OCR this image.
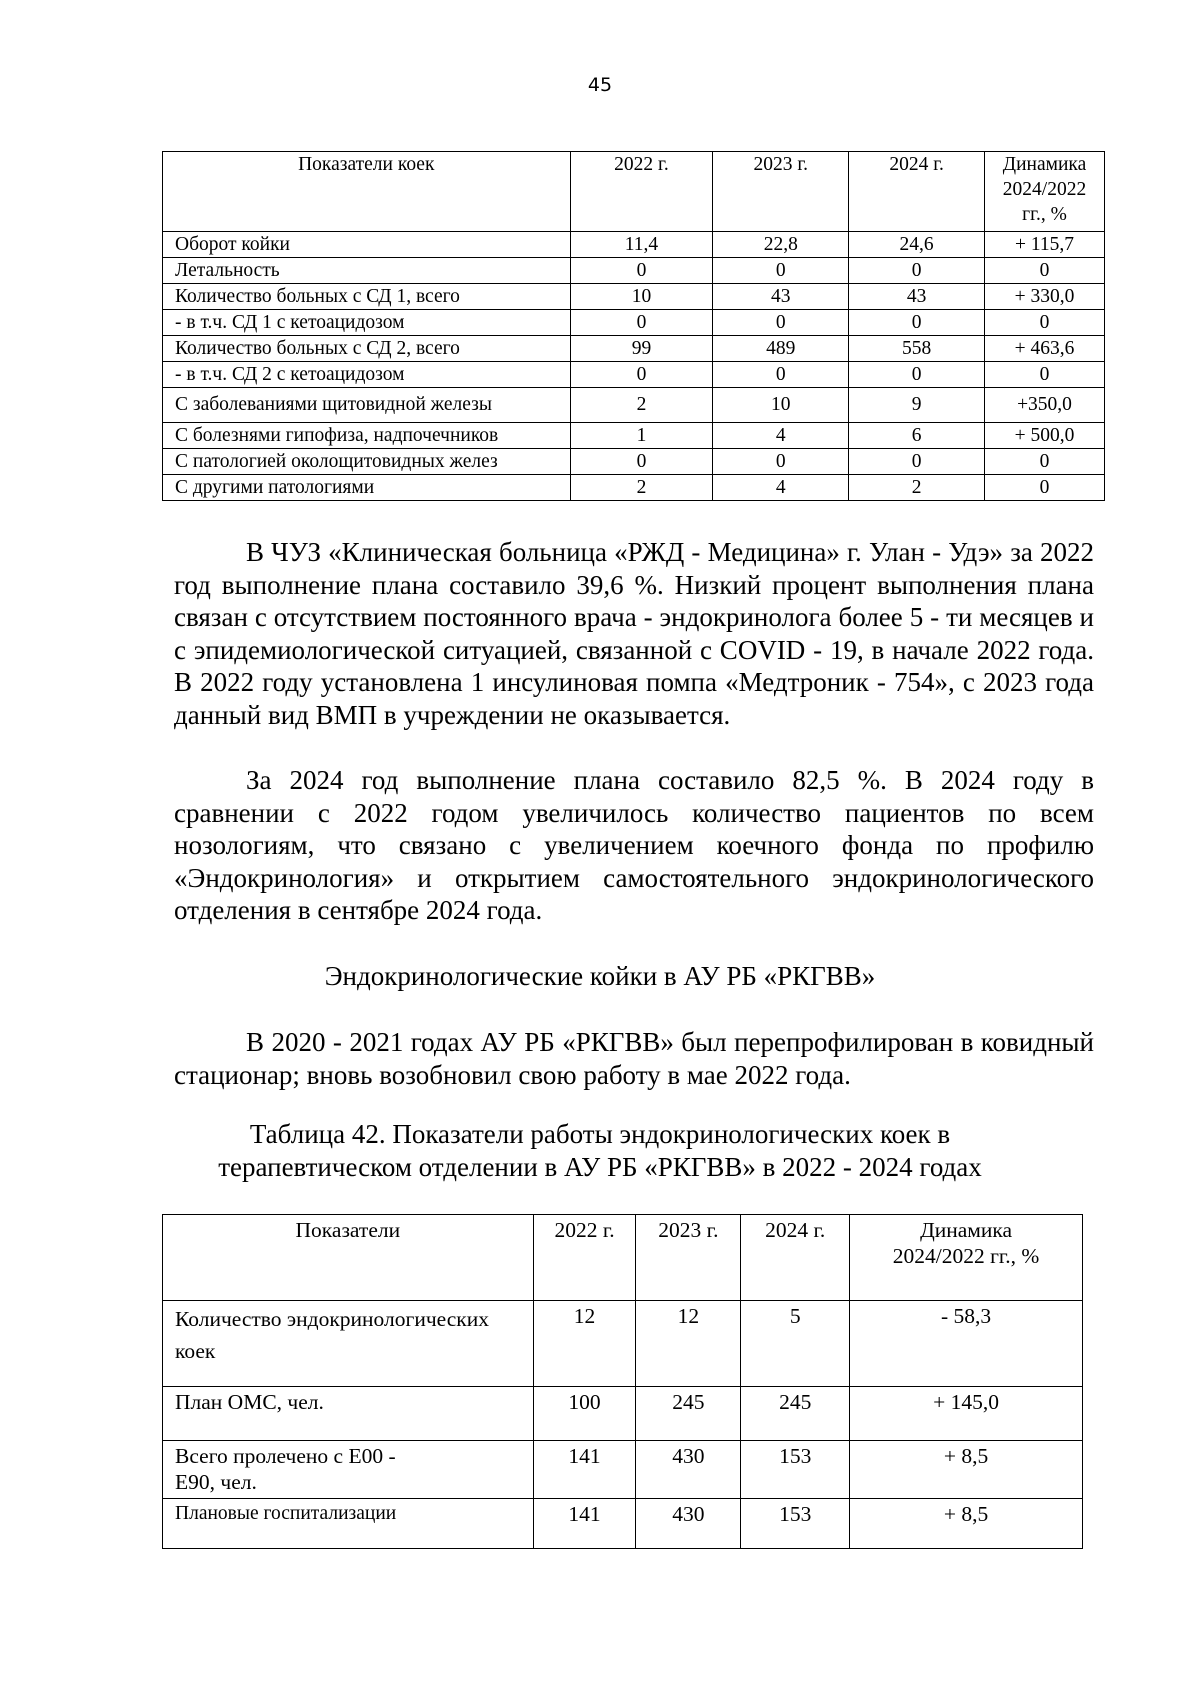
45
Показатели коек	2022 г.	2023 г.	2024 г.	Динамика 2024/2022 гг., %
Оборот койки	11,4	22,8	24,6	+ 115,7
Летальность	0	0	0	0
Количество больных с СД 1, всего	10	43	43	+ 330,0
- в т.ч. СД 1 с кетоацидозом	0	0	0	0
Количество больных с СД 2, всего	99	489	558	+ 463,6
- в т.ч. СД 2 с кетоацидозом	0	0	0	0
С заболеваниями щитовидной железы	2	10	9	+350,0
С болезнями гипофиза, надпочечников	1	4	6	+ 500,0
С патологией околощитовидных желез	0	0	0	0
С другими патологиями	2	4	2	0

В ЧУЗ «Клиническая больница «РЖД - Медицина» г. Улан - Удэ» за 2022 год выполнение плана составило 39,6 %. Низкий процент выполнения плана связан с отсутствием постоянного врача - эндокринолога более 5 - ти месяцев и с эпидемиологической ситуацией, связанной с COVID - 19, в начале 2022 года. В 2022 году установлена 1 инсулиновая помпа «Медтроник - 754», с 2023 года данный вид ВМП в учреждении не оказывается.

За 2024 год выполнение плана составило 82,5 %. В 2024 году в сравнении с 2022 годом увеличилось количество пациентов по всем нозологиям, что связано с увеличением коечного фонда по профилю «Эндокринология» и открытием самостоятельного эндокринологического отделения в сентябре 2024 года.

Эндокринологические койки в АУ РБ «РКГВВ»

В 2020 - 2021 годах АУ РБ «РКГВВ» был перепрофилирован в ковидный стационар; вновь возобновил свою работу в мае 2022 года.

Таблица 42. Показатели работы эндокринологических коек в
терапевтическом отделении в АУ РБ «РКГВВ» в 2022 - 2024 годах
Показатели	2022 г.	2023 г.	2024 г.	Динамика 2024/2022 гг., %
Количество эндокринологических коек	12	12	5	- 58,3
План ОМС, чел.	100	245	245	+ 145,0
Всего пролечено с Е00 - Е90, чел.	141	430	153	+ 8,5
Плановые госпитализации	141	430	153	+ 8,5
